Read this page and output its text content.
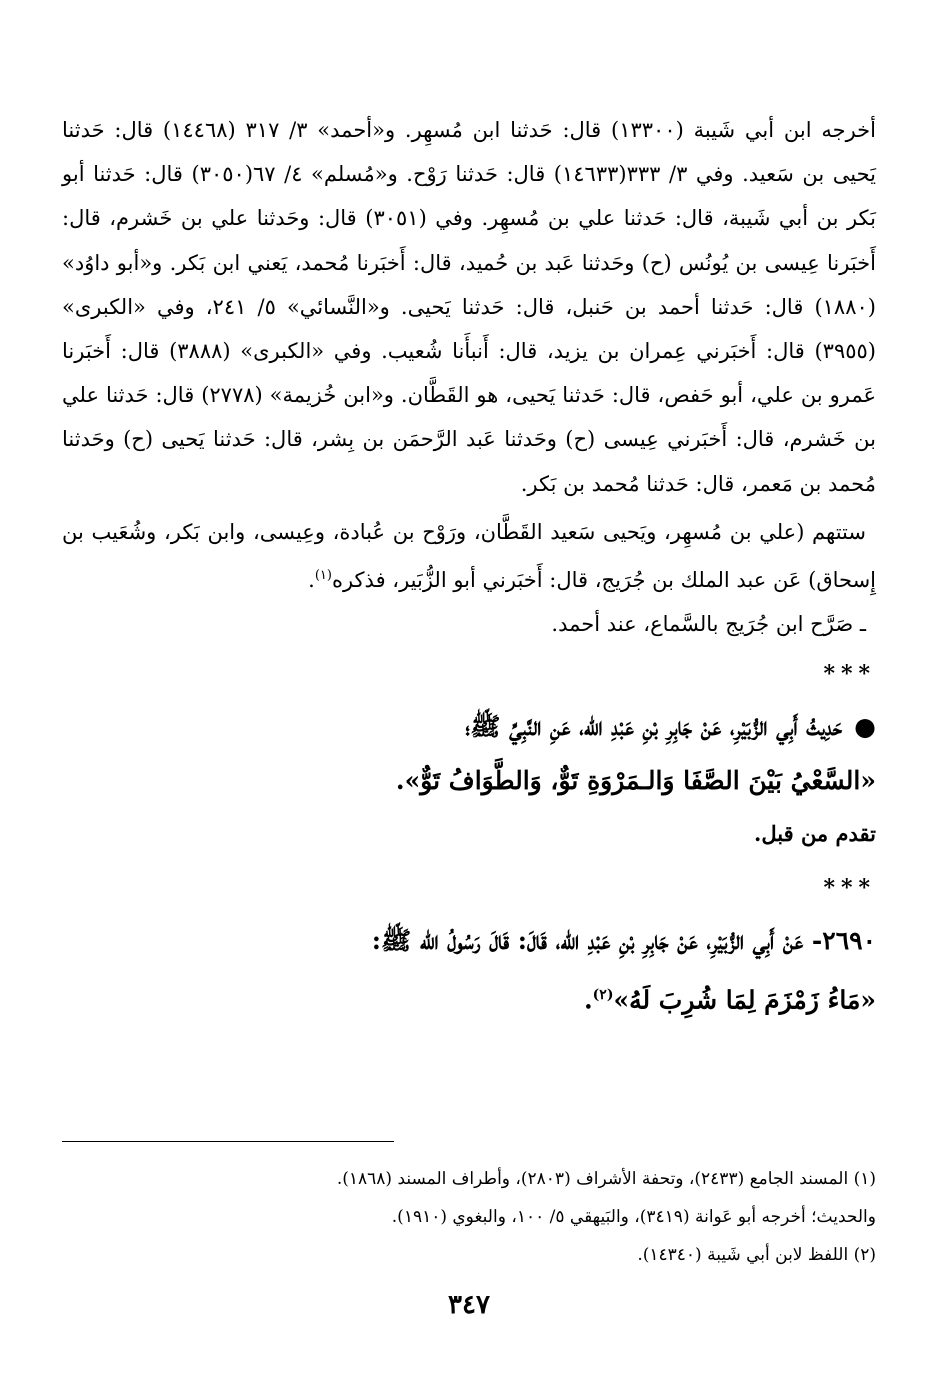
أخرجه ابن أبي شَيبة (١٣٣٠٠) قال: حَدثنا ابن مُسهِر. و«أحمد» ٣/ ٣١٧ (١٤٤٦٨) قال: حَدثنا يَحيى بن سَعيد. وفي ٣/ ٣٣٣(١٤٦٣٣) قال: حَدثنا رَوْح. و«مُسلم» ٤/ ٦٧(٣٠٥٠) قال: حَدثنا أبو بَكر بن أبي شَيبة، قال: حَدثنا علي بن مُسهِر. وفي (٣٠٥١) قال: وحَدثنا علي بن خَشرم، قال: أَخبَرنا عِيسى بن يُونُس (ح) وحَدثنا عَبد بن حُميد، قال: أَخبَرنا مُحمد، يَعني ابن بَكر. و«أبو داوُد» (١٨٨٠) قال: حَدثنا أحمد بن حَنبل، قال: حَدثنا يَحيى. و«النَّسائي» ٥/ ٢٤١، وفي «الكبرى» (٣٩٥٥) قال: أَخبَرني عِمران بن يزيد، قال: أَنبأَنا شُعيب. وفي «الكبرى» (٣٨٨٨) قال: أَخبَرنا عَمرو بن علي، أبو حَفص، قال: حَدثنا يَحيى، هو القَطَّان. و«ابن خُزيمة» (٢٧٧٨) قال: حَدثنا علي بن خَشرم، قال: أَخبَرني عِيسى (ح) وحَدثنا عَبد الرَّحمَن بن بِشر، قال: حَدثنا يَحيى (ح) وحَدثنا مُحمد بن مَعمر، قال: حَدثنا مُحمد بن بَكر.

ستتهم (علي بن مُسهِر، ويَحيى سَعيد القَطَّان، ورَوْح بن عُبادة، وعِيسى، وابن بَكر، وشُعَيب بن إِسحاق) عَن عبد الملك بن جُرَيج، قال: أَخبَرني أبو الزُّبَير، فذكره$^{(١)}$.

ـ صَرَّح ابن جُرَيج بالسَّماع، عند أحمد.

***

●حَدِيثُ أَبِي الزُّبَيْرِ، عَنْ جَابِرِ بْنِ عَبْدِ الله، عَنِ النَّبِيِّ ﷺ؛

«السَّعْيُ بَيْنَ الصَّفَا وَالـمَرْوَةِ تَوٌّ، وَالطَّوَافُ تَوٌّ».

تقدم من قبل.

***

٢٦٩٠- عَنْ أَبِي الزُّبَيْرِ، عَنْ جَابِرِ بْنِ عَبْدِ الله، قَالَ: قَالَ رَسُولُ الله ﷺ:

«مَاءُ زَمْزَمَ لِمَا شُرِبَ لَهُ»$^{(٢)}$.

(١) المسند الجامع (٢٤٣٣)، وتحفة الأشراف (٢٨٠٣)، وأطراف المسند (١٨٦٨).

والحديث؛ أخرجه أبو عَوانة (٣٤١٩)، والبَيهقي ٥/ ١٠٠، والبغوي (١٩١٠).

(٢) اللفظ لابن أبي شَيبة (١٤٣٤٠).

٣٤٧
